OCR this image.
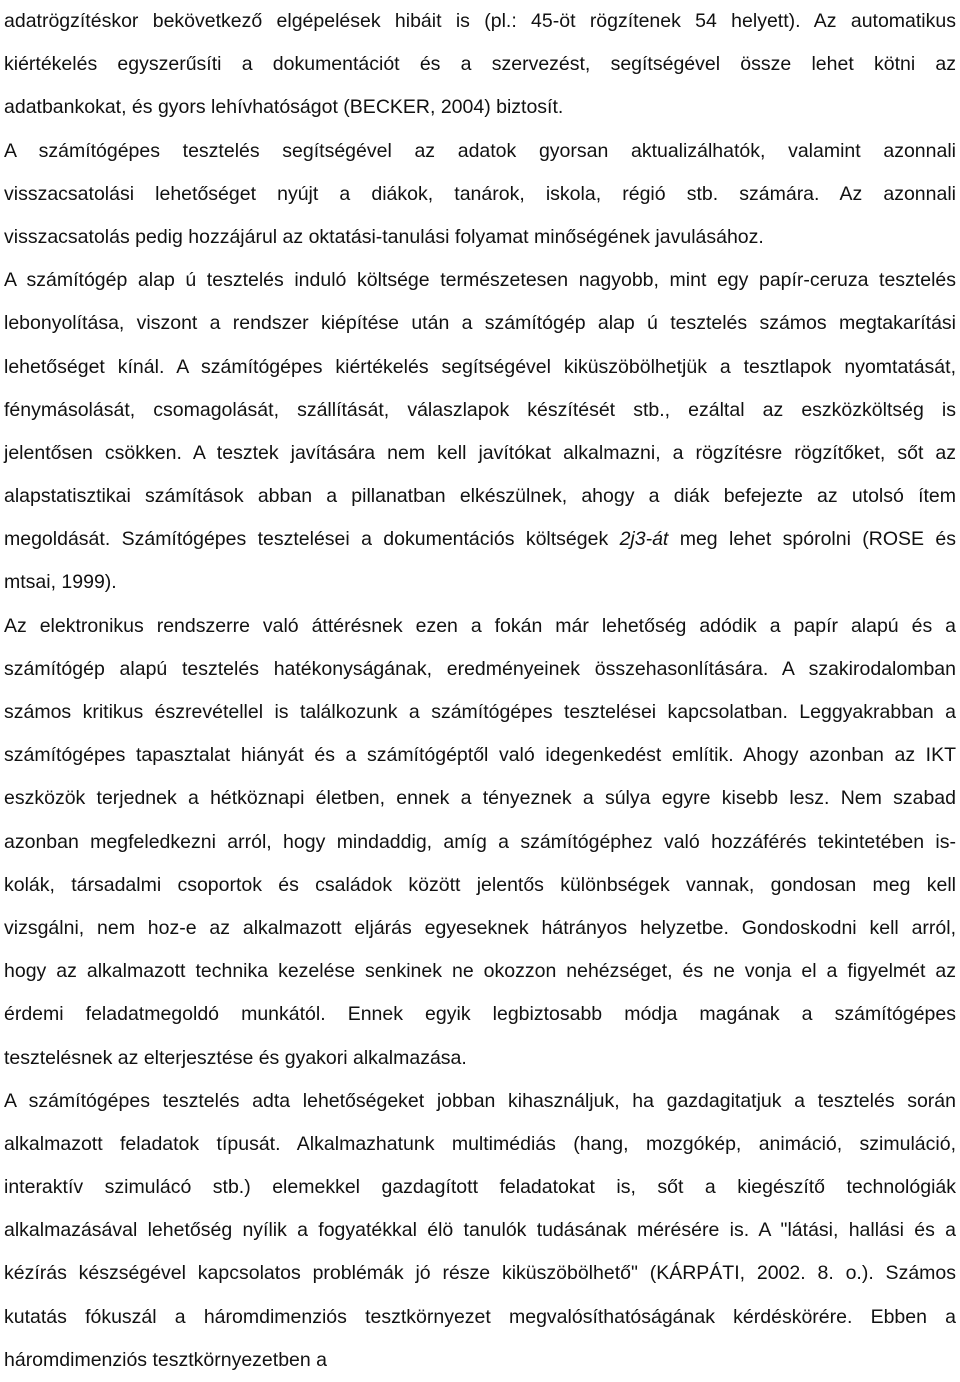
adatrögzítéskor bekövetkező elgépelések hibáit is (pl.: 45-öt rögzítenek 54 helyett). Az automatikus
kiértékelés egyszerűsíti a dokumentációt és a szervezést, segítségével össze lehet kötni az
adatbankokat, és gyors lehívhatóságot (BECKER, 2004) biztosít.
A számítógépes tesztelés segítségével az adatok gyorsan aktualizálhatók, valamint azonnali
visszacsatolási lehetőséget nyújt a diákok, tanárok, iskola, régió stb. számára. Az azonnali
visszacsatolás pedig hozzájárul az oktatási-tanulási folyamat minőségének javulásához.
A számítógép alap ú tesztelés induló költsége természetesen nagyobb, mint egy papír-ceruza tesztelés
lebonyolítása, viszont a rendszer kiépítése után a számítógép alap ú tesztelés számos megtakarítási
lehetőséget kínál. A számítógépes kiértékelés segítségével kiküszöbölhetjük a tesztlapok nyomtatását,
fénymásolását, csomagolását, szállítását, válaszlapok készítését stb., ezáltal az eszközköltség is
jelentősen csökken. A tesztek javítására nem kell javítókat alkalmazni, a rögzítésre rögzítőket, sőt az
alapstatisztikai számítások abban a pillanatban elkészülnek, ahogy a diák befejezte az utolsó ítem
megoldását. Számítógépes tesztelései a dokumentációs költségek 2j3-át meg lehet spórolni (ROSE és
mtsai, 1999).
Az elektronikus rendszerre való áttérésnek ezen a fokán már lehetőség adódik a papír alapú és a
számítógép alapú tesztelés hatékonyságának, eredményeinek összehasonlítására. A szakirodalomban
számos kritikus észrevétellel is találkozunk a számítógépes tesztelései kapcsolatban. Leggyakrabban a
számítógépes tapasztalat hiányát és a számítógéptől való idegenkedést említik. Ahogy azonban az IKT
eszközök terjednek a hétköznapi életben, ennek a tényeznek a súlya egyre kisebb lesz. Nem szabad
azonban megfeledkezni arról, hogy mindaddig, amíg a számítógéphez való hozzáférés tekintetében is-
kolák, társadalmi csoportok és családok között jelentős különbségek vannak, gondosan meg kell
vizsgálni, nem hoz-e az alkalmazott eljárás egyeseknek hátrányos helyzetbe. Gondoskodni kell arról,
hogy az alkalmazott technika kezelése senkinek ne okozzon nehézséget, és ne vonja el a figyelmét az
érdemi feladatmegoldó munkától. Ennek egyik legbiztosabb módja magának a számítógépes
tesztelésnek az elterjesztése és gyakori alkalmazása.
A számítógépes tesztelés adta lehetőségeket jobban kihasználjuk, ha gazdagitatjuk a tesztelés során
alkalmazott feladatok típusát. Alkalmazhatunk multimédiás (hang, mozgókép, animáció, szimuláció,
interaktív szimulácó stb.) elemekkel gazdagított feladatokat is, sőt a kiegészítő technológiák
alkalmazásával lehetőség nyílik a fogyatékkal élö tanulók tudásának mérésére is. A "látási, hallási és a
kézírás készségével kapcsolatos problémák jó része kiküszöbölhető" (KÁRPÁTI, 2002. 8. o.). Számos
kutatás fókuszál a háromdimenziós tesztkörnyezet megvalósíthatóságának kérdéskörére. Ebben a
háromdimenziós tesztkörnyezetben a
